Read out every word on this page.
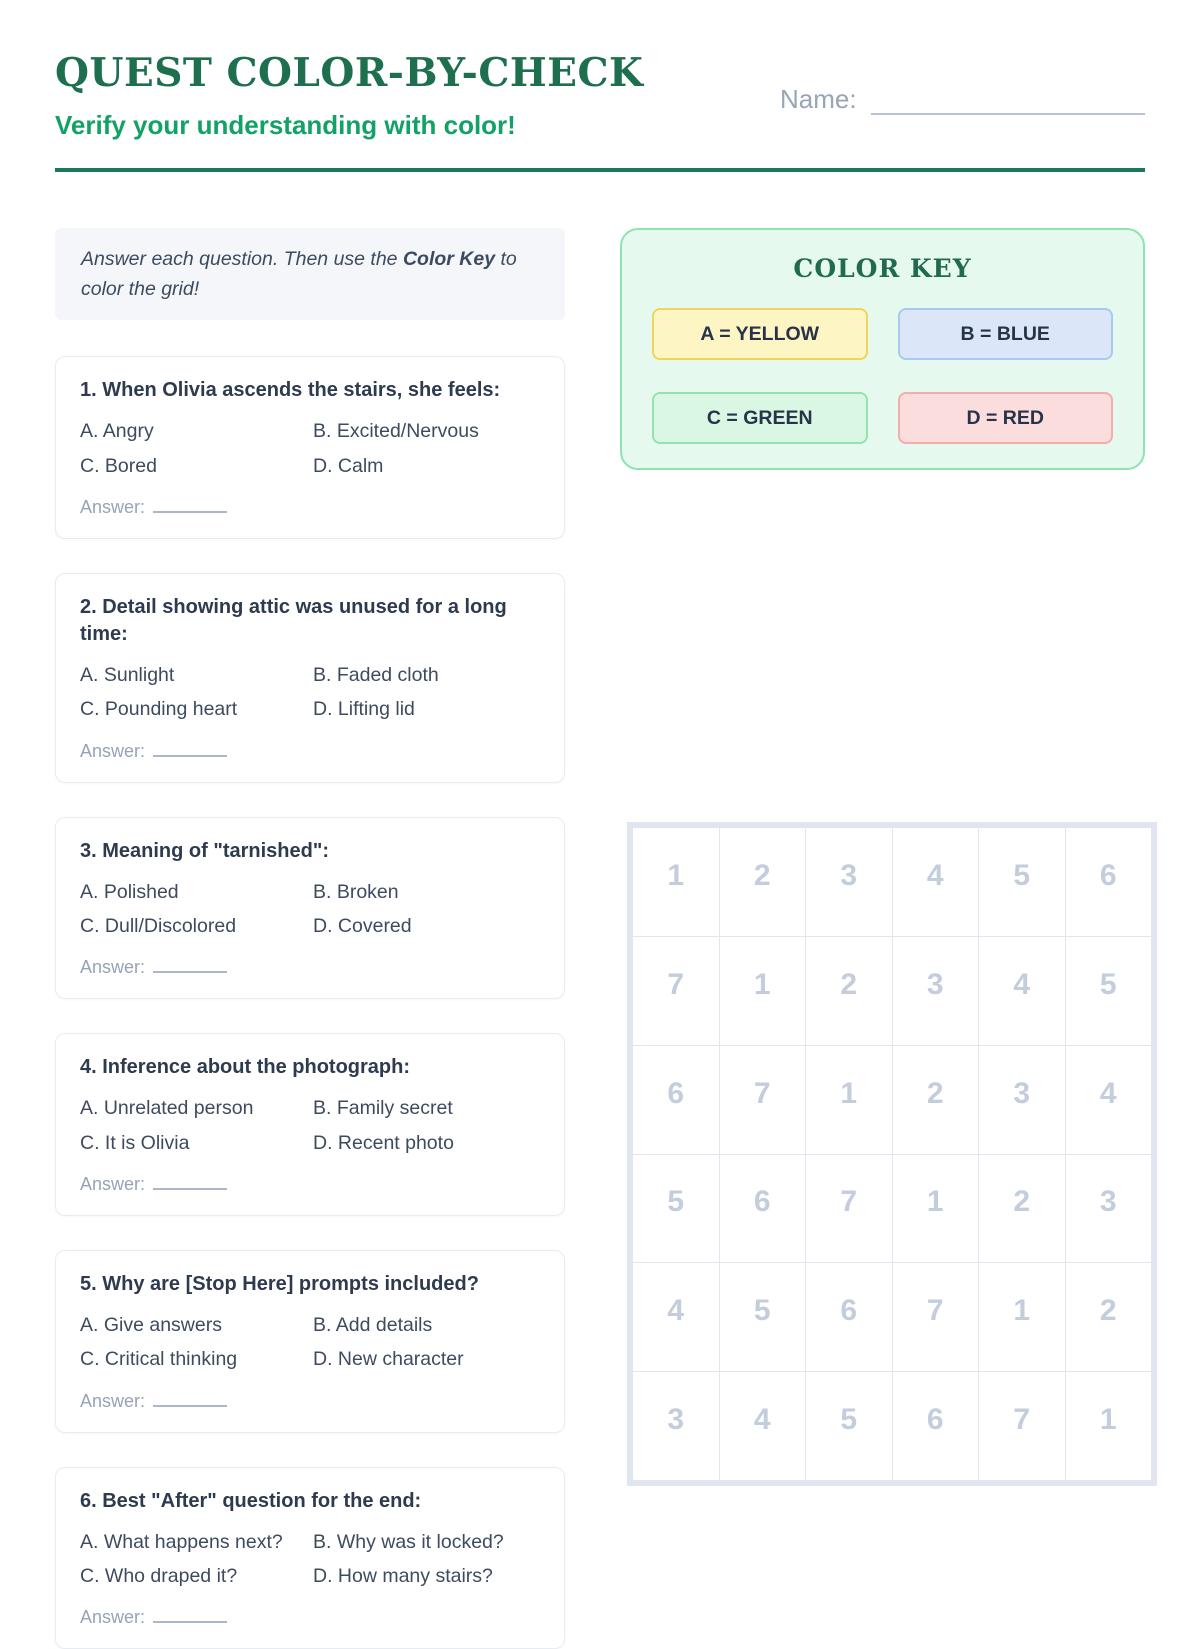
QUEST COLOR-BY-CHECK
Verify your understanding with color!
Name:
Answer each question. Then use the Color Key to color the grid!
1. When Olivia ascends the stairs, she feels:
A. Angry	B. Excited/Nervous
C. Bored	D. Calm
Answer:
2. Detail showing attic was unused for a long time:
A. Sunlight	B. Faded cloth
C. Pounding heart	D. Lifting lid
Answer:
3. Meaning of "tarnished":
A. Polished	B. Broken
C. Dull/Discolored	D. Covered
Answer:
4. Inference about the photograph:
A. Unrelated person	B. Family secret
C. It is Olivia	D. Recent photo
Answer:
5. Why are [Stop Here] prompts included?
A. Give answers	B. Add details
C. Critical thinking	D. New character
Answer:
6. Best "After" question for the end:
A. What happens next?	B. Why was it locked?
C. Who draped it?	D. How many stairs?
Answer:
COLOR KEY
A = YELLOW	B = BLUE
C = GREEN	D = RED
1	2	3	4	5	6
7	1	2	3	4	5
6	7	1	2	3	4
5	6	7	1	2	3
4	5	6	7	1	2
3	4	5	6	7	1
